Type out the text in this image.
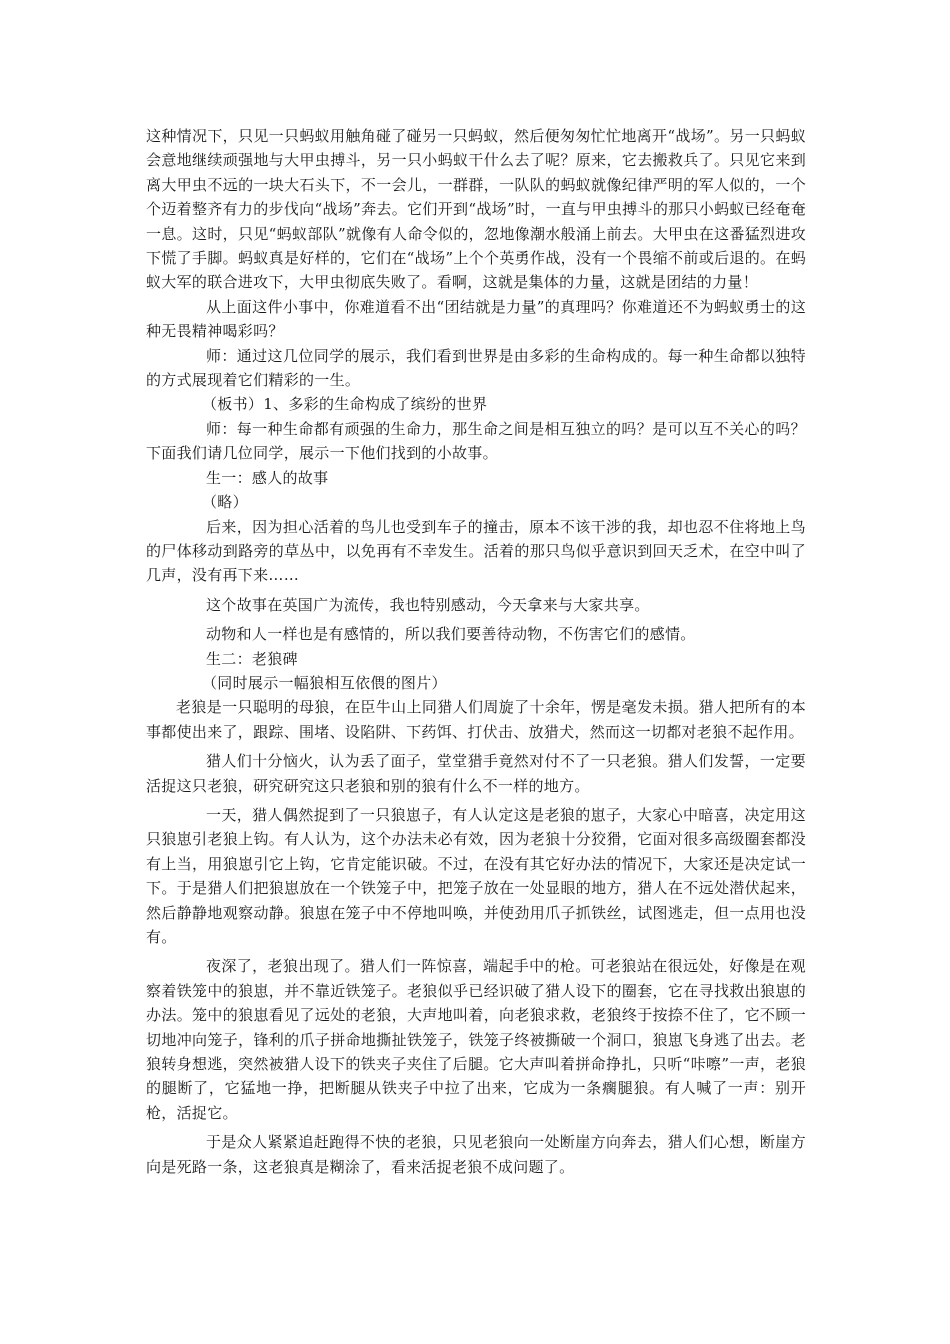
这种情况下，只见一只蚂蚁用触角碰了碰另一只蚂蚁，然后便匆匆忙忙地离开“战场”。另一只蚂蚁会意地继续顽强地与大甲虫搏斗，另一只小蚂蚁干什么去了呢？原来，它去搬救兵了。只见它来到离大甲虫不远的一块大石头下，不一会儿，一群群，一队队的蚂蚁就像纪律严明的军人似的，一个个迈着整齐有力的步伐向“战场”奔去。它们开到“战场”时，一直与甲虫搏斗的那只小蚂蚁已经奄奄一息。这时，只见“蚂蚁部队”就像有人命令似的，忽地像潮水般涌上前去。大甲虫在这番猛烈进攻下慌了手脚。蚂蚁真是好样的，它们在“战场”上个个英勇作战，没有一个畏缩不前或后退的。在蚂蚁大军的联合进攻下，大甲虫彻底失败了。看啊，这就是集体的力量，这就是团结的力量！

从上面这件小事中，你难道看不出“团结就是力量”的真理吗？你难道还不为蚂蚁勇士的这种无畏精神喝彩吗？

师：通过这几位同学的展示，我们看到世界是由多彩的生命构成的。每一种生命都以独特的方式展现着它们精彩的一生。

（板书）1、多彩的生命构成了缤纷的世界

师：每一种生命都有顽强的生命力，那生命之间是相互独立的吗？是可以互不关心的吗？下面我们请几位同学，展示一下他们找到的小故事。

生一：感人的故事

（略）

后来，因为担心活着的鸟儿也受到车子的撞击，原本不该干涉的我，却也忍不住将地上鸟的尸体移动到路旁的草丛中，以免再有不幸发生。活着的那只鸟似乎意识到回天乏术，在空中叫了几声，没有再下来……

这个故事在英国广为流传，我也特别感动，今天拿来与大家共享。

动物和人一样也是有感情的，所以我们要善待动物，不伤害它们的感情。

生二：老狼碑

（同时展示一幅狼相互依偎的图片）

老狼是一只聪明的母狼，在臣牛山上同猎人们周旋了十余年，愣是毫发未损。猎人把所有的本事都使出来了，跟踪、围堵、设陷阱、下药饵、打伏击、放猎犬，然而这一切都对老狼不起作用。

猎人们十分恼火，认为丢了面子，堂堂猎手竟然对付不了一只老狼。猎人们发誓，一定要活捉这只老狼，研究研究这只老狼和别的狼有什么不一样的地方。

一天，猎人偶然捉到了一只狼崽子，有人认定这是老狼的崽子，大家心中暗喜，决定用这只狼崽引老狼上钩。有人认为，这个办法未必有效，因为老狼十分狡猾，它面对很多高级圈套都没有上当，用狼崽引它上钩，它肯定能识破。不过，在没有其它好办法的情况下，大家还是决定试一下。于是猎人们把狼崽放在一个铁笼子中，把笼子放在一处显眼的地方，猎人在不远处潜伏起来，然后静静地观察动静。狼崽在笼子中不停地叫唤，并使劲用爪子抓铁丝，试图逃走，但一点用也没有。

夜深了，老狼出现了。猎人们一阵惊喜，端起手中的枪。可老狼站在很远处，好像是在观察着铁笼中的狼崽，并不靠近铁笼子。老狼似乎已经识破了猎人设下的圈套，它在寻找救出狼崽的办法。笼中的狼崽看见了远处的老狼，大声地叫着，向老狼求救，老狼终于按捺不住了，它不顾一切地冲向笼子，锋利的爪子拼命地撕扯铁笼子，铁笼子终被撕破一个洞口，狼崽飞身逃了出去。老狼转身想逃，突然被猎人设下的铁夹子夹住了后腿。它大声叫着拼命挣扎，只听“咔嚓”一声，老狼的腿断了，它猛地一挣，把断腿从铁夹子中拉了出来，它成为一条瘸腿狼。有人喊了一声：别开枪，活捉它。

于是众人紧紧追赶跑得不快的老狼，只见老狼向一处断崖方向奔去，猎人们心想，断崖方向是死路一条，这老狼真是糊涂了，看来活捉老狼不成问题了。
